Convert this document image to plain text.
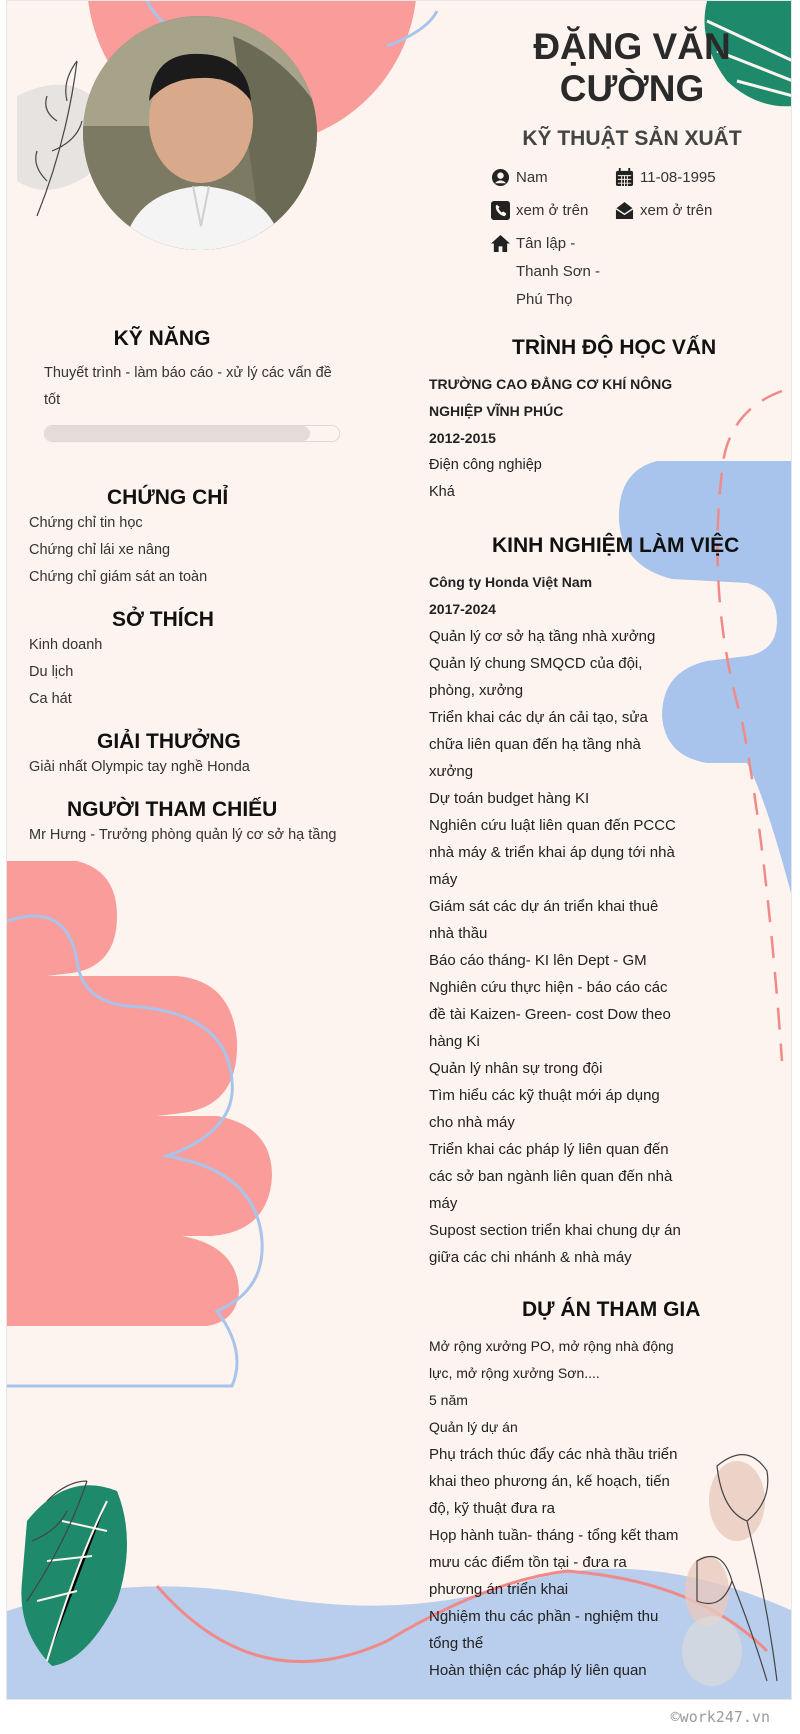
ĐẶNG VĂN CƯỜNG
KỸ THUẬT SẢN XUẤT
Nam	11-08-1995
xem ở trên	xem ở trên
Tân lập - Thanh Sơn - Phú Thọ
KỸ NĂNG
Thuyết trình - làm báo cáo - xử lý các vấn đề tốt
CHỨNG CHỈ
Chứng chỉ tin học
Chứng chỉ lái xe nâng
Chứng chỉ giám sát an toàn
SỞ THÍCH
Kinh doanh
Du lịch
Ca hát
GIẢI THƯỞNG
Giải nhất Olympic tay nghề Honda
NGƯỜI THAM CHIẾU
Mr Hưng - Trưởng phòng quản lý cơ sở hạ tầng
TRÌNH ĐỘ HỌC VẤN
TRƯỜNG CAO ĐẲNG CƠ KHÍ NÔNG NGHIỆP VĨNH PHÚC
2012-2015
Điện công nghiệp
Khá
KINH NGHIỆM LÀM VIỆC
Công ty Honda Việt Nam
2017-2024
Quản lý cơ sở hạ tầng nhà xưởng
Quản lý chung SMQCD của đội, phòng, xưởng
Triển khai các dự án cải tạo, sửa chữa liên quan đến hạ tầng nhà xưởng
Dự toán budget hàng KI
Nghiên cứu luật liên quan đến PCCC nhà máy & triển khai áp dụng tới nhà máy
Giám sát các dự án triển khai thuê nhà thầu
Báo cáo tháng- KI lên Dept - GM
Nghiên cứu thực hiện - báo cáo các đề tài Kaizen- Green- cost Dow theo hàng Ki
Quản lý nhân sự trong đội
Tìm hiểu các kỹ thuật mới áp dụng cho nhà máy
Triển khai các pháp lý liên quan đến các sở ban ngành liên quan đến nhà máy
Supost section triển khai chung dự án giữa các chi nhánh & nhà máy
DỰ ÁN THAM GIA
Mở rộng xưởng PO, mở rộng nhà động lực, mở rộng xưởng Sơn....
5 năm
Quản lý dự án
Phụ trách thúc đẩy các nhà thầu triển khai theo phương án, kế hoạch, tiến độ, kỹ thuật đưa ra
Họp hành tuần- tháng - tổng kết tham mưu các điểm tồn tại - đưa ra phương án triển khai
Nghiệm thu các phần - nghiệm thu tổng thể
Hoàn thiện các pháp lý liên quan
©work247.vn
